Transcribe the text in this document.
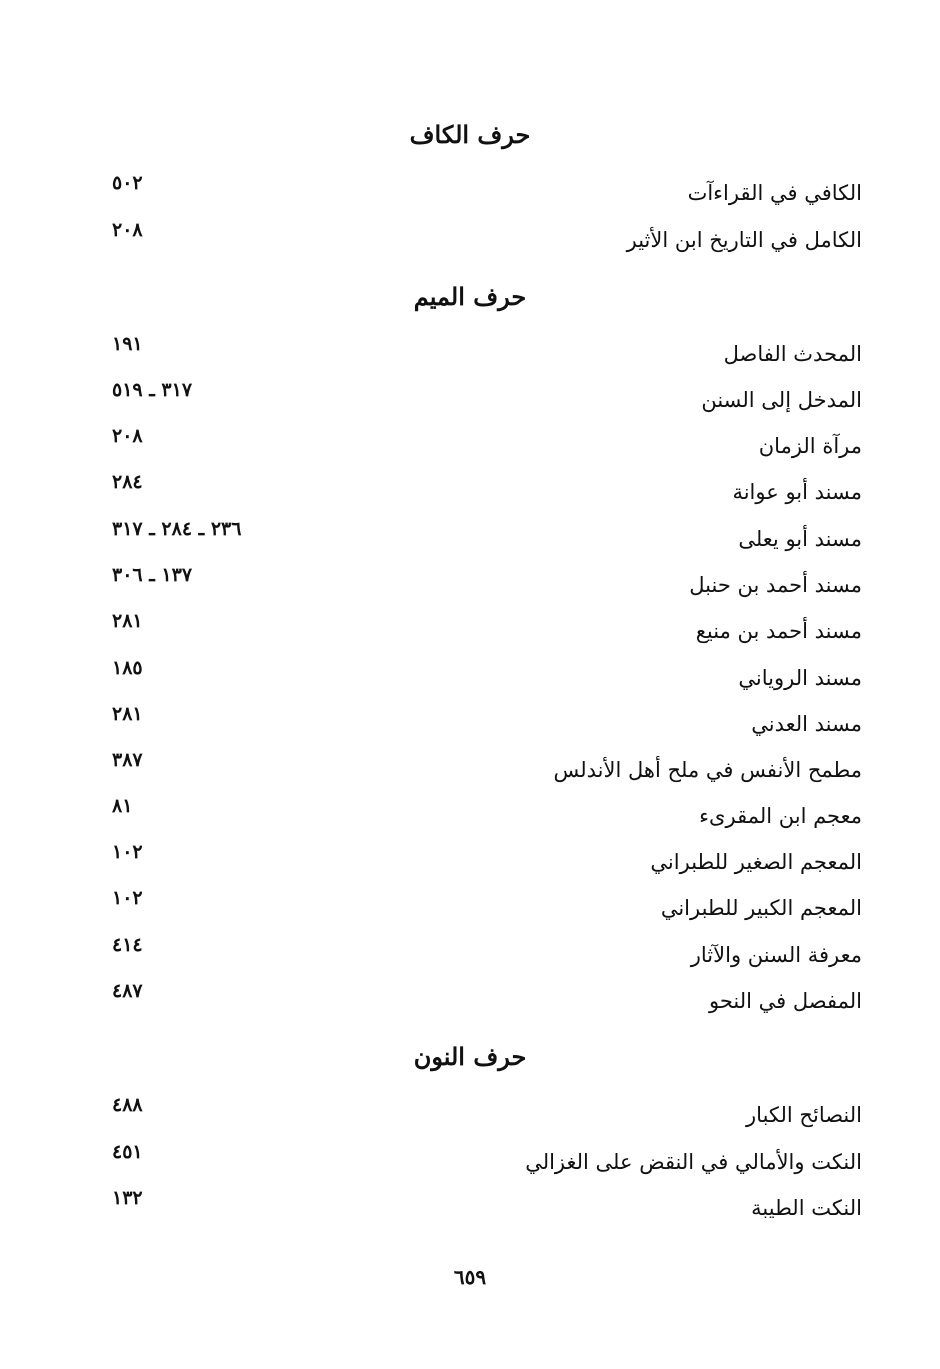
حرف الكاف
الكافي في القراءآت
٥٠٢
الكامل في التاريخ ابن الأثير
٢٠٨
حرف الميم
المحدث الفاصل
١٩١
المدخل إلى السنن
٣١٧ ـ ٥١٩
مرآة الزمان
٢٠٨
مسند أبو عوانة
٢٨٤
مسند أبو يعلى
٢٣٦ ـ ٢٨٤ ـ ٣١٧
مسند أحمد بن حنبل
١٣٧ ـ ٣٠٦
مسند أحمد بن منيع
٢٨١
مسند الروياني
١٨٥
مسند العدني
٢٨١
مطمح الأنفس في ملح أهل الأندلس
٣٨٧
معجم ابن المقرىء
٨١
المعجم الصغير للطبراني
١٠٢
المعجم الكبير للطبراني
١٠٢
معرفة السنن والآثار
٤١٤
المفصل في النحو
٤٨٧
حرف النون
النصائح الكبار
٤٨٨
النكت والأمالي في النقض على الغزالي
٤٥١
النكت الطيبة
١٣٢
٦٥٩
